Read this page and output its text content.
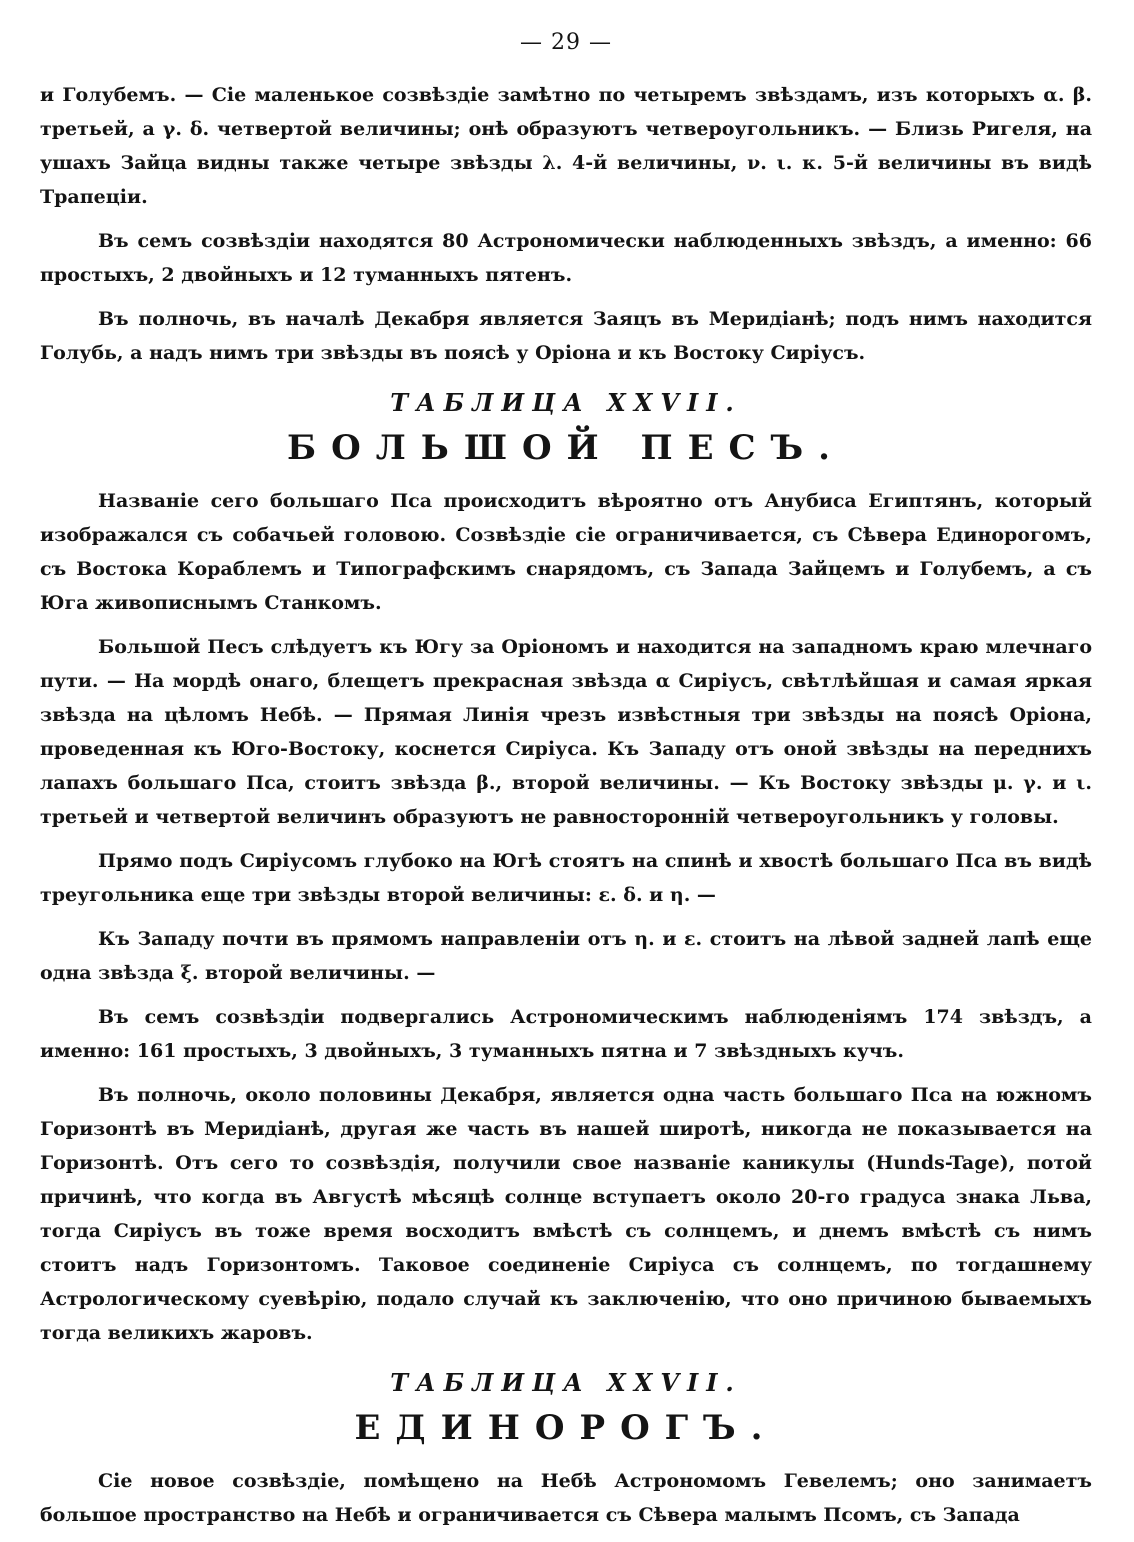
— 29 —

и Голубемъ. — Сіе маленькое созвѣздіе замѣтно по четыремъ звѣздамъ, изъ которыхъ α. β. третьей, а γ. δ. четвертой величины; онѣ образуютъ четвероугольникъ. — Близь Ригеля, на ушахъ Зайца видны также четыре звѣзды λ. 4-й величины, ν. ι. κ. 5-й величины въ видѣ Трапеціи.

Въ семъ созвѣздіи находятся 80 Астрономически наблюденныхъ звѣздъ, а именно: 66 простыхъ, 2 двойныхъ и 12 туманныхъ пятенъ.

Въ полночь, въ началѣ Декабря является Заяцъ въ Меридіанѣ; подъ нимъ находится Голубь, а надъ нимъ три звѣзды въ поясѣ у Оріона и къ Востоку Сиріусъ.

ТАБЛИЦА XXVII.
БОЛЬШОЙ ПЕСЪ.

Названіе сего большаго Пса происходитъ вѣроятно отъ Анубиса Египтянъ, который изображался съ собачьей головою. Созвѣздіе сіе ограничивается, съ Сѣвера Единорогомъ, съ Востока Кораблемъ и Типографскимъ снарядомъ, съ Запада Зайцемъ и Голубемъ, а съ Юга живописнымъ Станкомъ.

Большой Песъ слѣдуетъ къ Югу за Оріономъ и находится на западномъ краю млечнаго пути. — На мордѣ онаго, блещетъ прекрасная звѣзда α Сиріусъ, свѣтлѣйшая и самая яркая звѣзда на цѣломъ Небѣ. — Прямая Линія чрезъ извѣстныя три звѣзды на поясѣ Оріона, проведенная къ Юго-Востоку, коснется Сиріуса. Къ Западу отъ оной звѣзды на переднихъ лапахъ большаго Пса, стоитъ звѣзда β., второй величины. — Къ Востоку звѣзды μ. γ. и ι. третьей и четвертой величинъ образуютъ не равносторонній четвероугольникъ у головы.

Прямо подъ Сиріусомъ глубоко на Югѣ стоятъ на спинѣ и хвостѣ большаго Пса въ видѣ треугольника еще три звѣзды второй величины: ε. δ. и η. —

Къ Западу почти въ прямомъ направленіи отъ η. и ε. стоитъ на лѣвой задней лапѣ еще одна звѣзда ξ. второй величины. —

Въ семъ созвѣздіи подвергались Астрономическимъ наблюденіямъ 174 звѣздъ, а именно: 161 простыхъ, 3 двойныхъ, 3 туманныхъ пятна и 7 звѣздныхъ кучъ.

Въ полночь, около половины Декабря, является одна часть большаго Пса на южномъ Горизонтѣ въ Меридіанѣ, другая же часть въ нашей широтѣ, никогда не показывается на Горизонтѣ. Отъ сего то созвѣздія, получили свое названіе каникулы (Hunds-Tage), потой причинѣ, что когда въ Августѣ мѣсяцѣ солнце вступаетъ около 20-го градуса знака Льва, тогда Сиріусъ въ тоже время восходитъ вмѣстѣ съ солнцемъ, и днемъ вмѣстѣ съ нимъ стоитъ надъ Горизонтомъ. Таковое соединеніе Сиріуса съ солнцемъ, по тогдашнему Астрологическому суевѣрію, подало случай къ заключенію, что оно причиною бываемыхъ тогда великихъ жаровъ.

ТАБЛИЦА XXVII.
ЕДИНОРОГЪ.

Сіе новое созвѣздіе, помѣщено на Небѣ Астрономомъ Гевелемъ; оно занимаетъ большое пространство на Небѣ и ограничивается съ Сѣвера малымъ Псомъ, съ Запада
